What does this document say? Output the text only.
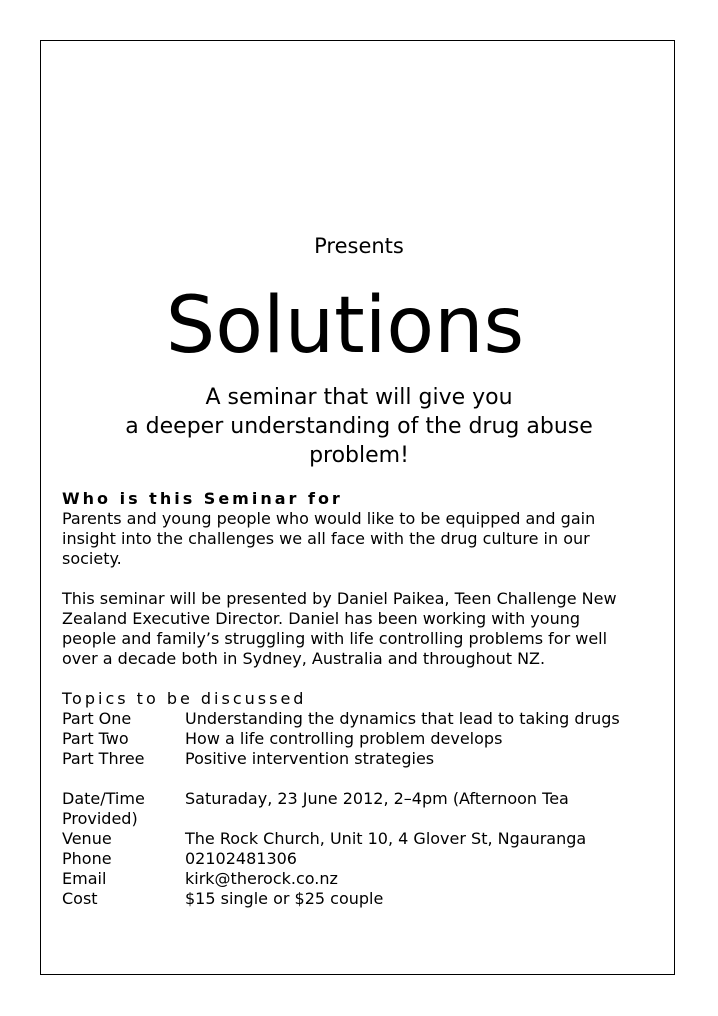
Presents
Solutions
A seminar that will give you
a deeper understanding of the drug abuse
problem!
Who is this Seminar for
Parents and young people who would like to be equipped and gain
insight into the challenges we all face with the drug culture in our
society.
This seminar will be presented by Daniel Paikea, Teen Challenge New
Zealand Executive Director. Daniel has been working with young
people and family’s struggling with life controlling problems for well
over a decade both in Sydney, Australia and throughout NZ.
Topics to be discussed
Part One	Understanding the dynamics that lead to taking drugs
Part Two	How a life controlling problem develops
Part Three	Positive intervention strategies
Date/Time	Saturaday, 23 June 2012, 2–4pm (Afternoon Tea
Provided)
Venue	The Rock Church, Unit 10, 4 Glover St, Ngauranga
Phone	02102481306
Email	kirk@therock.co.nz
Cost	$15 single or $25 couple
